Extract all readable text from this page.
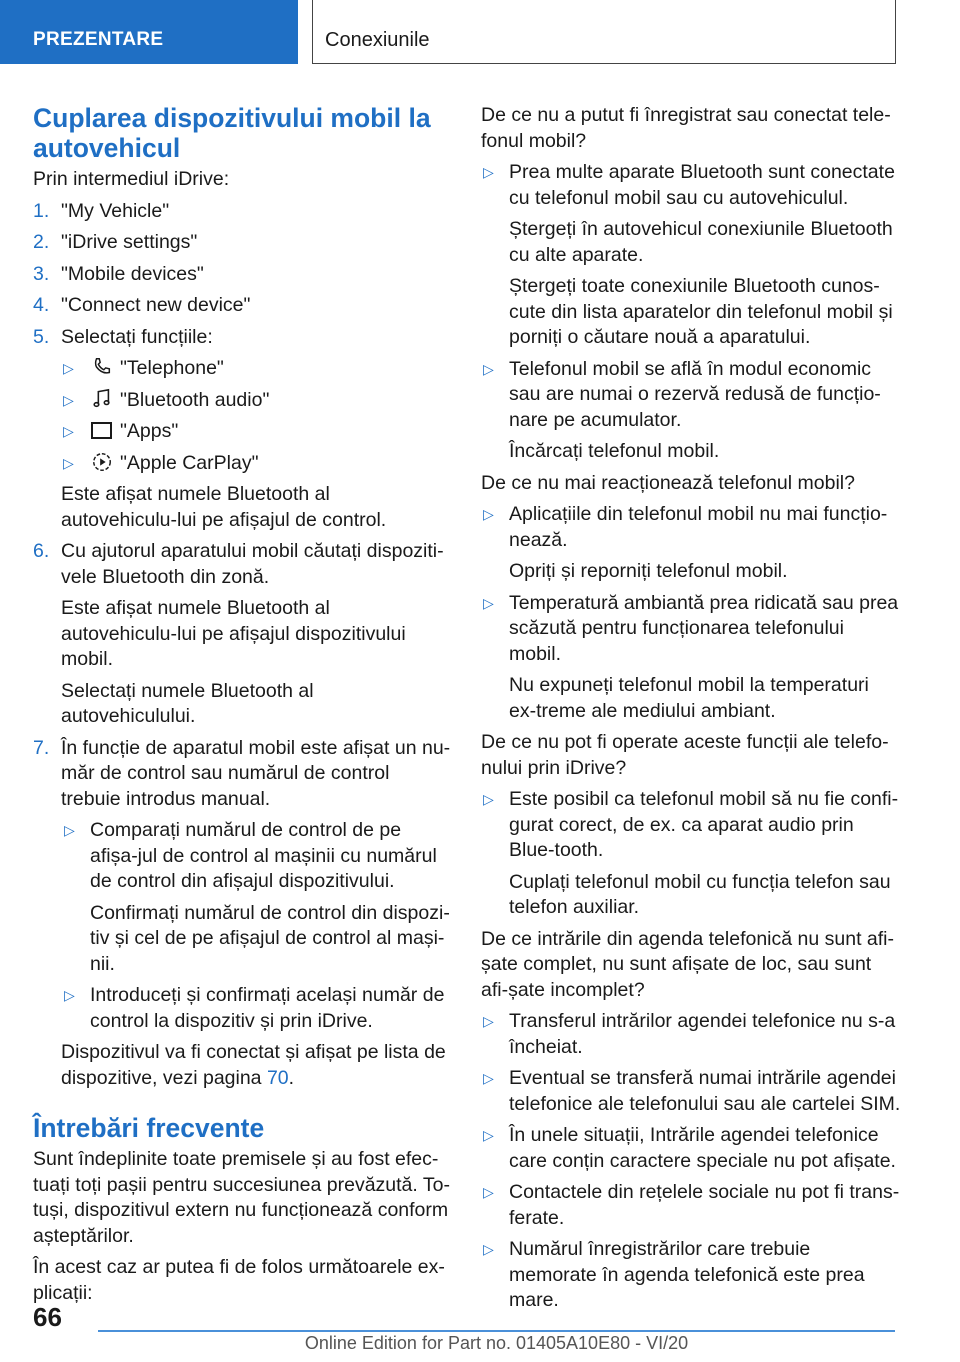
PREZENTARE	Conexiunile
Cuplarea dispozitivului mobil la autovehicul

Prin intermediul iDrive:

1. "My Vehicle"
2. "iDrive settings"
3. "Mobile devices"
4. "Connect new device"
5. Selectați funcțiile:
▷ "Telephone"
▷ "Bluetooth audio"
▷ "Apps"
▷ "Apple CarPlay"

Este afișat numele Bluetooth al autovehiculu-lui pe afișajul de control.

6. Cu ajutorul aparatului mobil căutați dispoziti-vele Bluetooth din zonă.

Este afișat numele Bluetooth al autovehiculu-lui pe afișajul dispozitivului mobil.

Selectați numele Bluetooth al autovehiculului.

7. În funcție de aparatul mobil este afișat un nu-măr de control sau numărul de control trebuie introdus manual.
▷ Comparați numărul de control de pe afișa-jul de control al mașinii cu numărul de control din afișajul dispozitivului.

Confirmați numărul de control din dispozi-tiv și cel de pe afișajul de control al mași-nii.

▷ Introduceți și confirmați același număr de control la dispozitiv și prin iDrive.

Dispozitivul va fi conectat și afișat pe lista de dispozitive, vezi pagina 70.

Întrebări frecvente

Sunt îndeplinite toate premisele și au fost efec-tuați toți pașii pentru succesiunea prevăzută. To-tuși, dispozitivul extern nu funcționează conform așteptărilor.

În acest caz ar putea fi de folos următoarele ex-plicații:

De ce nu a putut fi înregistrat sau conectat tele-fonul mobil?

▷ Prea multe aparate Bluetooth sunt conectate cu telefonul mobil sau cu autovehiculul.

Ștergeți în autovehicul conexiunile Bluetooth cu alte aparate.

Ștergeți toate conexiunile Bluetooth cunos-cute din lista aparatelor din telefonul mobil și porniți o căutare nouă a aparatului.

▷ Telefonul mobil se află în modul economic sau are numai o rezervă redusă de funcțio-nare pe acumulator.

Încărcați telefonul mobil.

De ce nu mai reacționează telefonul mobil?

▷ Aplicațiile din telefonul mobil nu mai funcțio-nează.

Opriți și reporniți telefonul mobil.

▷ Temperatură ambiantă prea ridicată sau prea scăzută pentru funcționarea telefonului mobil.

Nu expuneți telefonul mobil la temperaturi ex-treme ale mediului ambiant.

De ce nu pot fi operate aceste funcții ale telefo-nului prin iDrive?

▷ Este posibil ca telefonul mobil să nu fie confi-gurat corect, de ex. ca aparat audio prin Blue-tooth.

Cuplați telefonul mobil cu funcția telefon sau telefon auxiliar.

De ce intrările din agenda telefonică nu sunt afi-șate complet, nu sunt afișate de loc, sau sunt afi-șate incomplet?

▷ Transferul intrărilor agendei telefonice nu s-a încheiat.
▷ Eventual se transferă numai intrările agendei telefonice ale telefonului sau ale cartelei SIM.
▷ În unele situații, Intrările agendei telefonice care conțin caractere speciale nu pot afișate.
▷ Contactele din rețelele sociale nu pot fi trans-ferate.
▷ Numărul înregistrărilor care trebuie memorate în agenda telefonică este prea mare.
66
Online Edition for Part no. 01405A10E80 - VI/20
